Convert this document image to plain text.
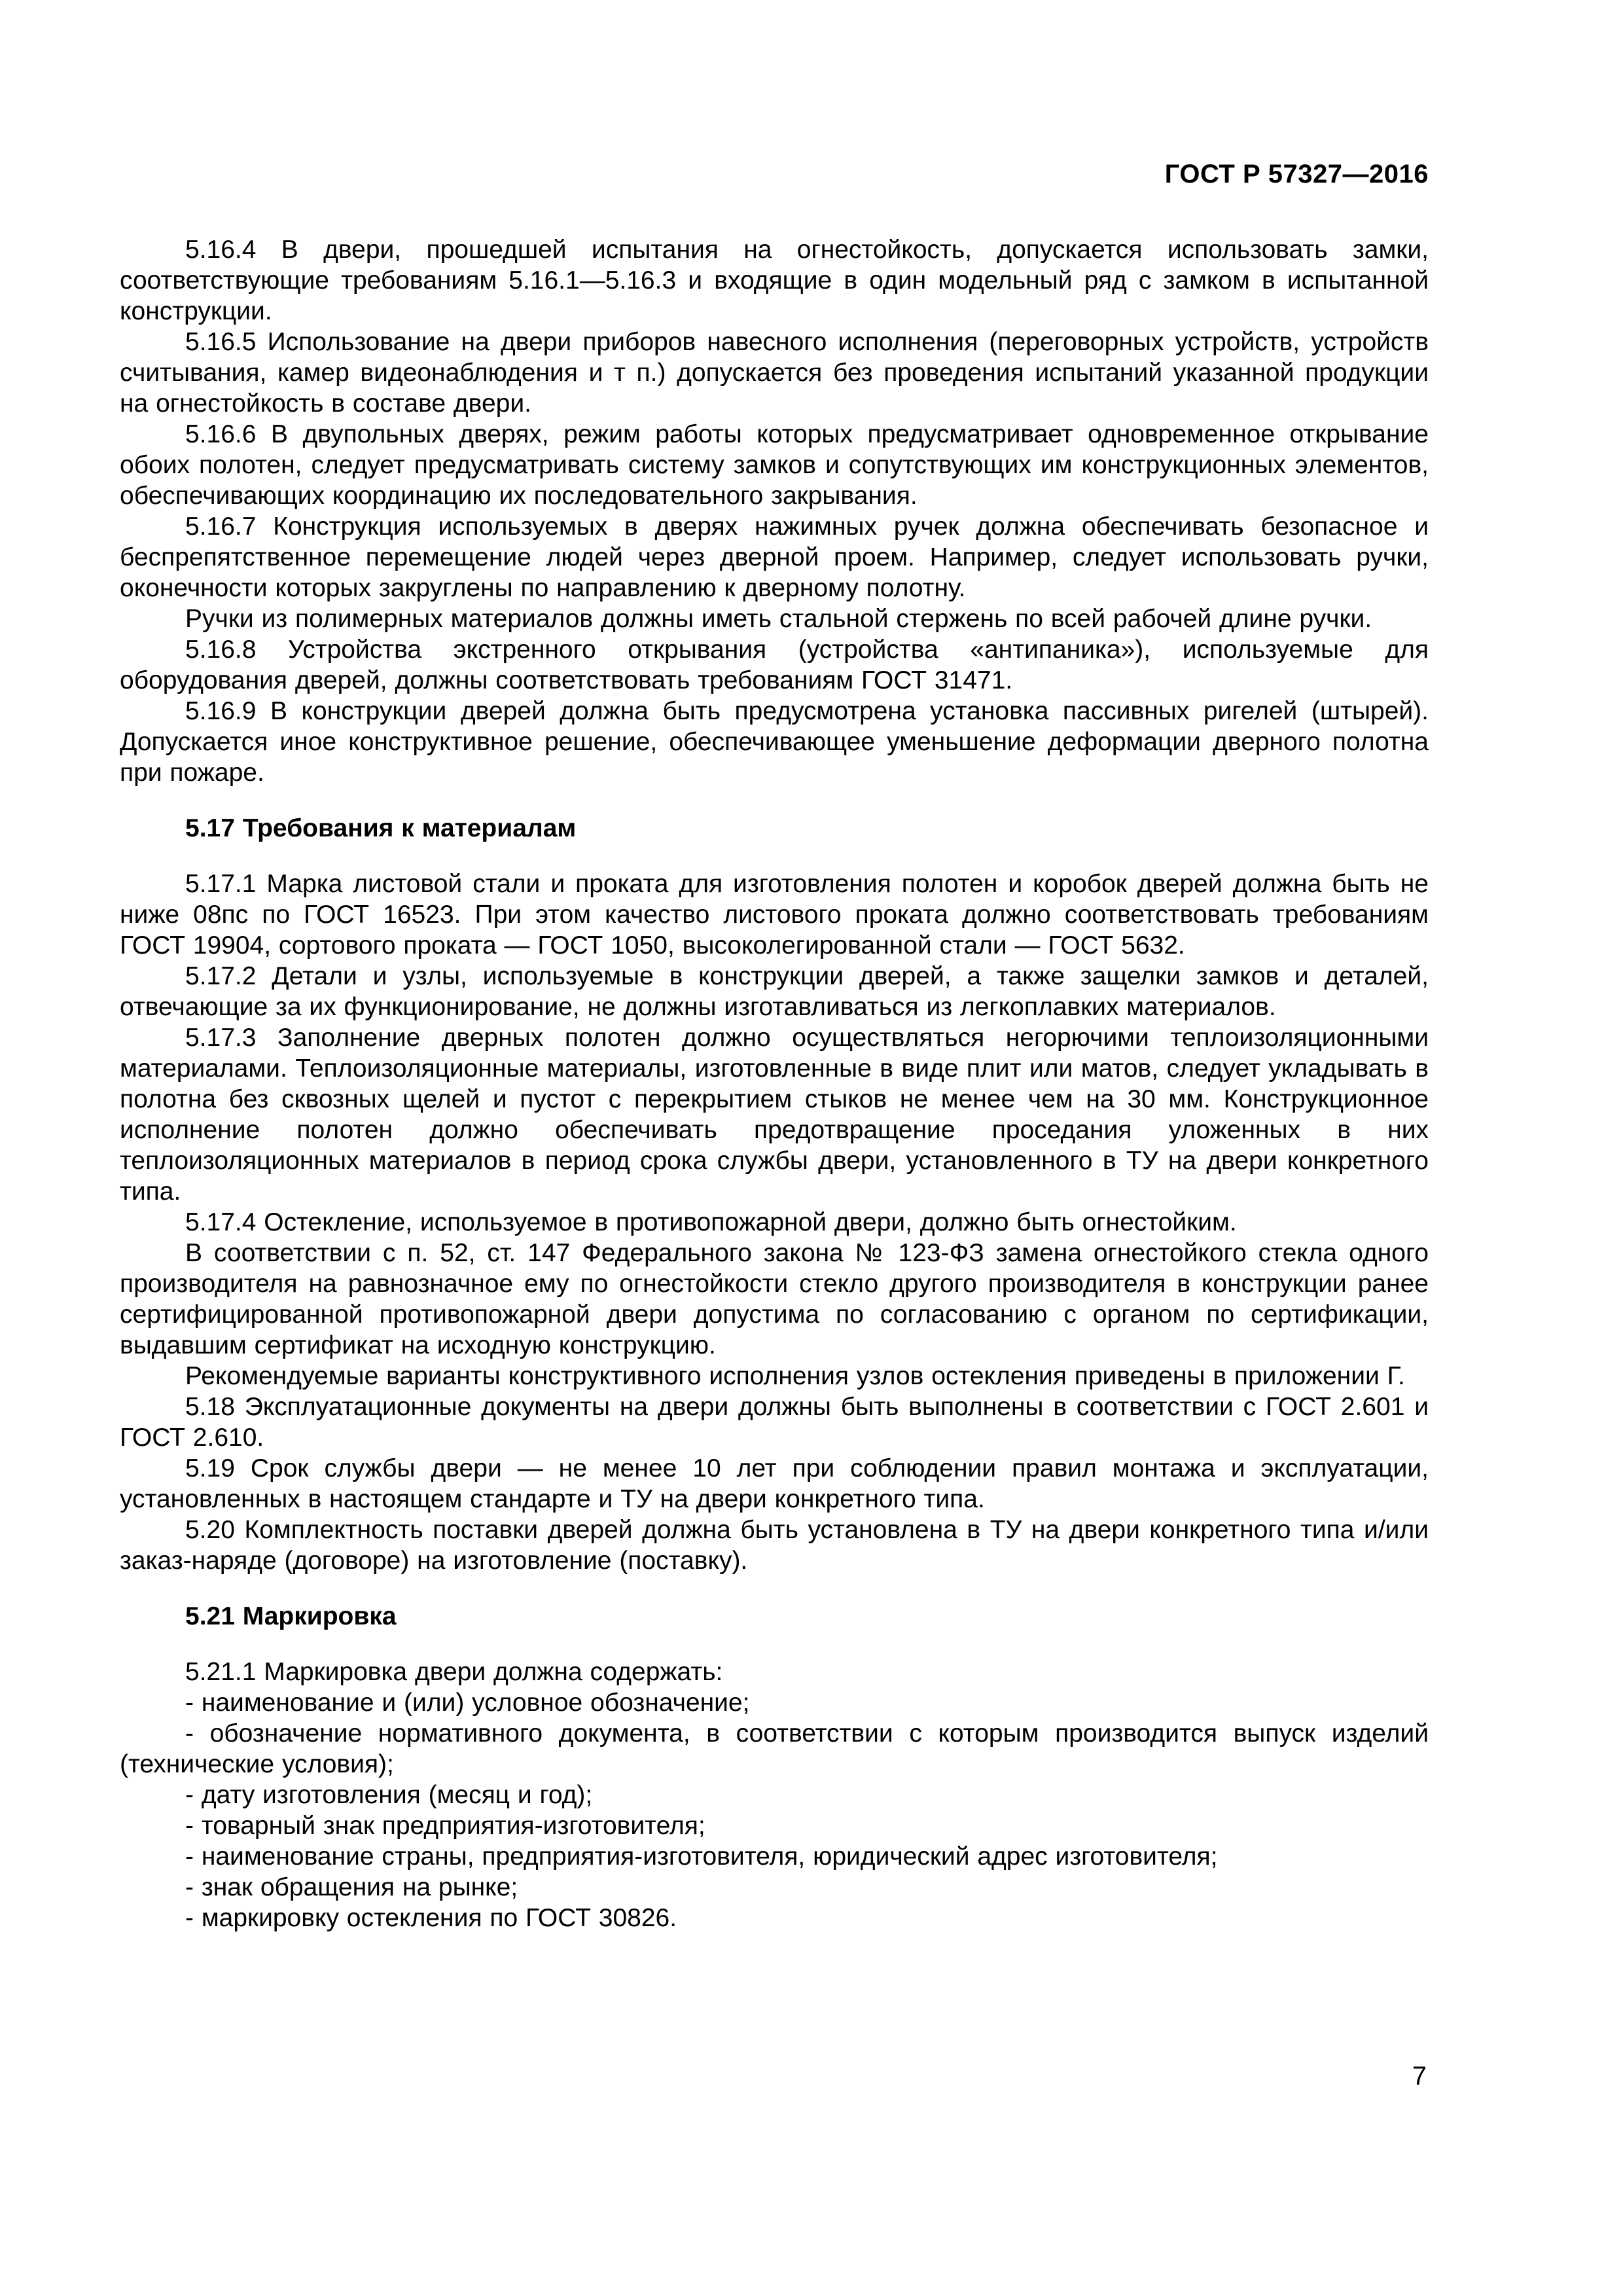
ГОСТ Р 57327—2016

5.16.4 В двери, прошедшей испытания на огнестойкость, допускается использовать замки, соответствующие требованиям 5.16.1—5.16.3 и входящие в один модельный ряд с замком в испытанной конструкции.

5.16.5 Использование на двери приборов навесного исполнения (переговорных устройств, устройств считывания, камер видеонаблюдения и т п.) допускается без проведения испытаний указанной продукции на огнестойкость в составе двери.

5.16.6 В двупольных дверях, режим работы которых предусматривает одновременное открывание обоих полотен, следует предусматривать систему замков и сопутствующих им конструкционных элементов, обеспечивающих координацию их последовательного закрывания.

5.16.7 Конструкция используемых в дверях нажимных ручек должна обеспечивать безопасное и беспрепятственное перемещение людей через дверной проем. Например, следует использовать ручки, оконечности которых закруглены по направлению к дверному полотну.

Ручки из полимерных материалов должны иметь стальной стержень по всей рабочей длине ручки.

5.16.8 Устройства экстренного открывания (устройства «антипаника»), используемые для оборудования дверей, должны соответствовать требованиям ГОСТ 31471.

5.16.9 В конструкции дверей должна быть предусмотрена установка пассивных ригелей (штырей). Допускается иное конструктивное решение, обеспечивающее уменьшение деформации дверного полотна при пожаре.

5.17 Требования к материалам

5.17.1 Марка листовой стали и проката для изготовления полотен и коробок дверей должна быть не ниже 08пс по ГОСТ 16523. При этом качество листового проката должно соответствовать требованиям ГОСТ 19904, сортового проката — ГОСТ 1050, высоколегированной стали — ГОСТ 5632.

5.17.2 Детали и узлы, используемые в конструкции дверей, а также защелки замков и деталей, отвечающие за их функционирование, не должны изготавливаться из легкоплавких материалов.

5.17.3 Заполнение дверных полотен должно осуществляться негорючими теплоизоляционными материалами. Теплоизоляционные материалы, изготовленные в виде плит или матов, следует укладывать в полотна без сквозных щелей и пустот с перекрытием стыков не менее чем на 30 мм. Конструкционное исполнение полотен должно обеспечивать предотвращение проседания уложенных в них теплоизоляционных материалов в период срока службы двери, установленного в ТУ на двери конкретного типа.

5.17.4 Остекление, используемое в противопожарной двери, должно быть огнестойким.

В соответствии с п. 52, ст. 147 Федерального закона № 123-ФЗ замена огнестойкого стекла одного производителя на равнозначное ему по огнестойкости стекло другого производителя в конструкции ранее сертифицированной противопожарной двери допустима по согласованию с органом по сертификации, выдавшим сертификат на исходную конструкцию.

Рекомендуемые варианты конструктивного исполнения узлов остекления приведены в приложении Г.

5.18 Эксплуатационные документы на двери должны быть выполнены в соответствии с ГОСТ 2.601 и ГОСТ 2.610.

5.19 Срок службы двери — не менее 10 лет при соблюдении правил монтажа и эксплуатации, установленных в настоящем стандарте и ТУ на двери конкретного типа.

5.20 Комплектность поставки дверей должна быть установлена в ТУ на двери конкретного типа и/или заказ-наряде (договоре) на изготовление (поставку).

5.21 Маркировка

5.21.1 Маркировка двери должна содержать:

- наименование и (или) условное обозначение;

- обозначение нормативного документа, в соответствии с которым производится выпуск изделий (технические условия);

- дату изготовления (месяц и год);

- товарный знак предприятия-изготовителя;

- наименование страны, предприятия-изготовителя, юридический адрес изготовителя;

- знак обращения на рынке;

- маркировку остекления по ГОСТ 30826.

7
